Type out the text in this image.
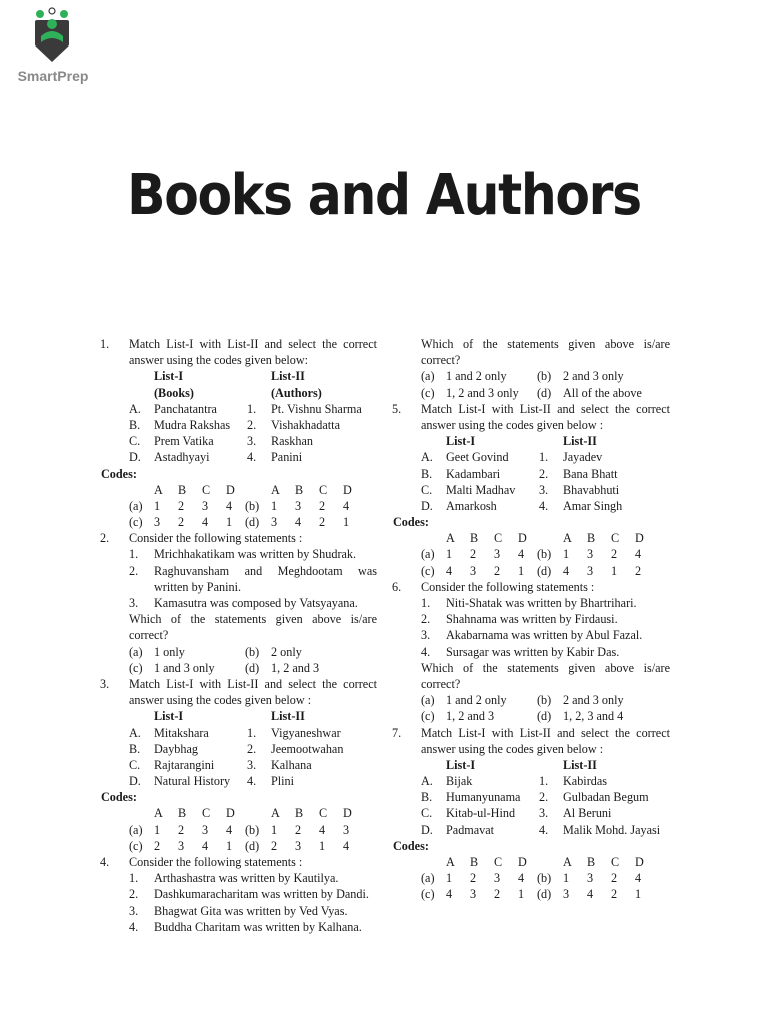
SmartPrep
Books and Authors
1. Match List-I with List-II and select the correct
answer using the codes given below:
List-I	List-II
(Books)	(Authors)
A. Panchatantra 1. Pt. Vishnu Sharma
B. Mudra Rakshas 2. Vishakhadatta
C. Prem Vatika	3. Raskhan
D. Astadhyayi	4. Panini
Codes:
A B C D	A B C D
(a) 1 2 3 4 (b) 1 3 2 4
(c) 3 2 4 1 (d) 3 4 2 1
2. Consider the following statements :
1. Mrichhakatikam was written by Shudrak.
2. Raghuvansham and Meghdootam was
written by Panini.
3. Kamasutra was composed by Vatsyayana.
Which of the statements given above is/are
correct?
(a) 1 only	(b) 2 only
(c) 1 and 3 only (d) 1, 2 and 3
3. Match List-I with List-II and select the correct
answer using the codes given below :
List-I	List-II
A. Mitakshara	1. Vigyaneshwar
B. Daybhag	2. Jeemootwahan
C. Rajtarangini	3. Kalhana
D. Natural History 4. Plini
Codes:
A B C D	A B C D
(a) 1 2 3 4 (b) 1 2 4 3
(c) 2 3 4 1 (d) 2 3 1 4
4. Consider the following statements :
1. Arthashastra was written by Kautilya.
2. Dashkumaracharitam was written by Dandi.
3. Bhagwat Gita was written by Ved Vyas.
4. Buddha Charitam was written by Kalhana.
Which of the statements given above is/are
correct?
(a) 1 and 2 only (b) 2 and 3 only
(c) 1, 2 and 3 only (d) All of the above
5. Match List-I with List-II and select the correct
answer using the codes given below :
List-I	List-II
A. Geet Govind 1. Jayadev
B. Kadambari	2. Bana Bhatt
C. Malti Madhav 3. Bhavabhuti
D. Amarkosh	4. Amar Singh
Codes:
A B C D	A B C D
(a) 1 2 3 4 (b) 1 3 2 4
(c) 4 3 2 1 (d) 4 3 1 2
6. Consider the following statements :
1. Niti-Shatak was written by Bhartrihari.
2. Shahnama was written by Firdausi.
3. Akabarnama was written by Abul Fazal.
4. Sursagar was written by Kabir Das.
Which of the statements given above is/are
correct?
(a) 1 and 2 only (b) 2 and 3 only
(c) 1, 2 and 3	(d) 1, 2, 3 and 4
7. Match List-I with List-II and select the correct
answer using the codes given below :
List-I	List-II
A. Bijak	1. Kabirdas
B. Humanyunama 2. Gulbadan Begum
C. Kitab-ul-Hind 3. Al Beruni
D. Padmavat	4. Malik Mohd. Jayasi
Codes:
A B C D	A B C D
(a) 1 2 3 4 (b) 1 3 2 4
(c) 4 3 2 1 (d) 3 4 2 1
